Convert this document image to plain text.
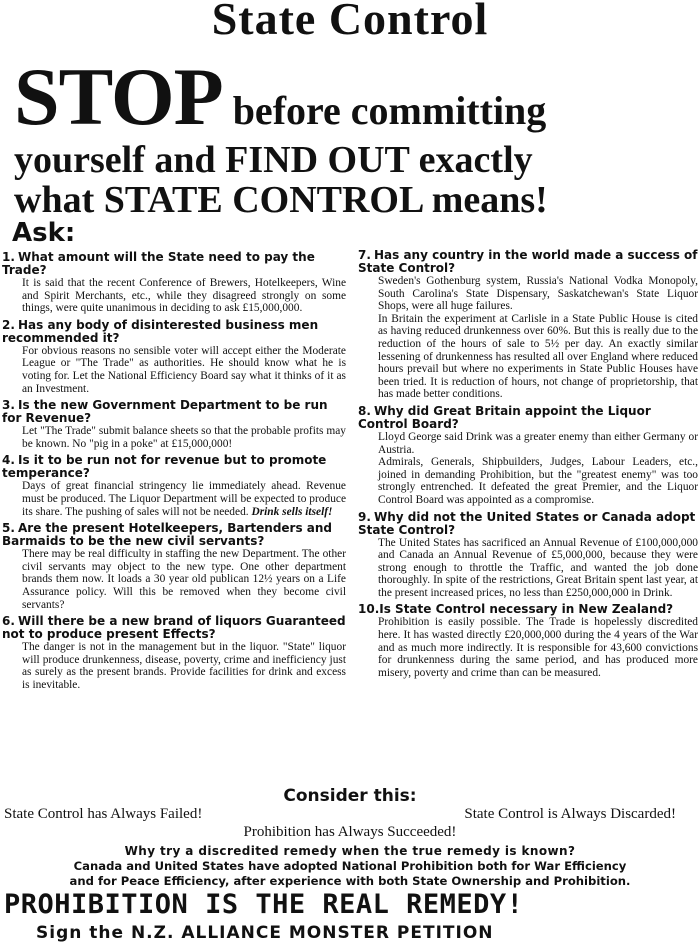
State Control
STOP before committing
yourself and FIND OUT exactly
what STATE CONTROL means!
Ask:
1. What amount will the State need to pay the Trade?
It is said that the recent Conference of Brewers, Hotelkeepers, Wine and Spirit Merchants, etc., while they disagreed strongly on some things, were quite unanimous in deciding to ask £15,000,000.
2. Has any body of disinterested business men recommended it?
For obvious reasons no sensible voter will accept either the Moderate League or "The Trade" as authorities. He should know what he is voting for. Let the National Efficiency Board say what it thinks of it as an Investment.
3. Is the new Government Department to be run for Revenue?
Let "The Trade" submit balance sheets so that the probable profits may be known. No "pig in a poke" at £15,000,000!
4. Is it to be run not for revenue but to promote temperance?
Days of great financial stringency lie immediately ahead. Revenue must be produced. The Liquor Department will be expected to produce its share. The pushing of sales will not be needed. Drink sells itself!
5. Are the present Hotelkeepers, Bartenders and Barmaids to be the new civil servants?
There may be real difficulty in staffing the new Department. The other civil servants may object to the new type. One other department brands them now. It loads a 30 year old publican 12½ years on a Life Assurance policy. Will this be removed when they become civil servants?
6. Will there be a new brand of liquors Guaranteed not to produce present Effects?
The danger is not in the management but in the liquor. "State" liquor will produce drunkenness, disease, poverty, crime and inefficiency just as surely as the present brands. Provide facilities for drink and excess is inevitable.
7. Has any country in the world made a success of State Control?
Sweden's Gothenburg system, Russia's National Vodka Monopoly, South Carolina's State Dispensary, Saskatchewan's State Liquor Shops, were all huge failures.
In Britain the experiment at Carlisle in a State Public House is cited as having reduced drunkenness over 60%. But this is really due to the reduction of the hours of sale to 5½ per day. An exactly similar lessening of drunkenness has resulted all over England where reduced hours prevail but where no experiments in State Public Houses have been tried. It is reduction of hours, not change of proprietorship, that has made better conditions.
8. Why did Great Britain appoint the Liquor Control Board?
Lloyd George said Drink was a greater enemy than either Germany or Austria.
Admirals, Generals, Shipbuilders, Judges, Labour Leaders, etc., joined in demanding Prohibition, but the "greatest enemy" was too strongly entrenched. It defeated the great Premier, and the Liquor Control Board was appointed as a compromise.
9. Why did not the United States or Canada adopt State Control?
The United States has sacrificed an Annual Revenue of £100,000,000 and Canada an Annual Revenue of £5,000,000, because they were strong enough to throttle the Traffic, and wanted the job done thoroughly. In spite of the restrictions, Great Britain spent last year, at the present increased prices, no less than £250,000,000 in Drink.
10.Is State Control necessary in New Zealand?
Prohibition is easily possible. The Trade is hopelessly discredited here. It has wasted directly £20,000,000 during the 4 years of the War and as much more indirectly. It is responsible for 43,600 convictions for drunkenness during the same period, and has produced more misery, poverty and crime than can be measured.
Consider this:
State Control has Always Failed!	State Control is Always Discarded!
Prohibition has Always Succeeded!
Why try a discredited remedy when the true remedy is known?
Canada and United States have adopted National Prohibition both for War Efficiency
and for Peace Efficiency, after experience with both State Ownership and Prohibition.
PROHIBITION IS THE REAL REMEDY!
Sign the N.Z. ALLIANCE MONSTER PETITION
